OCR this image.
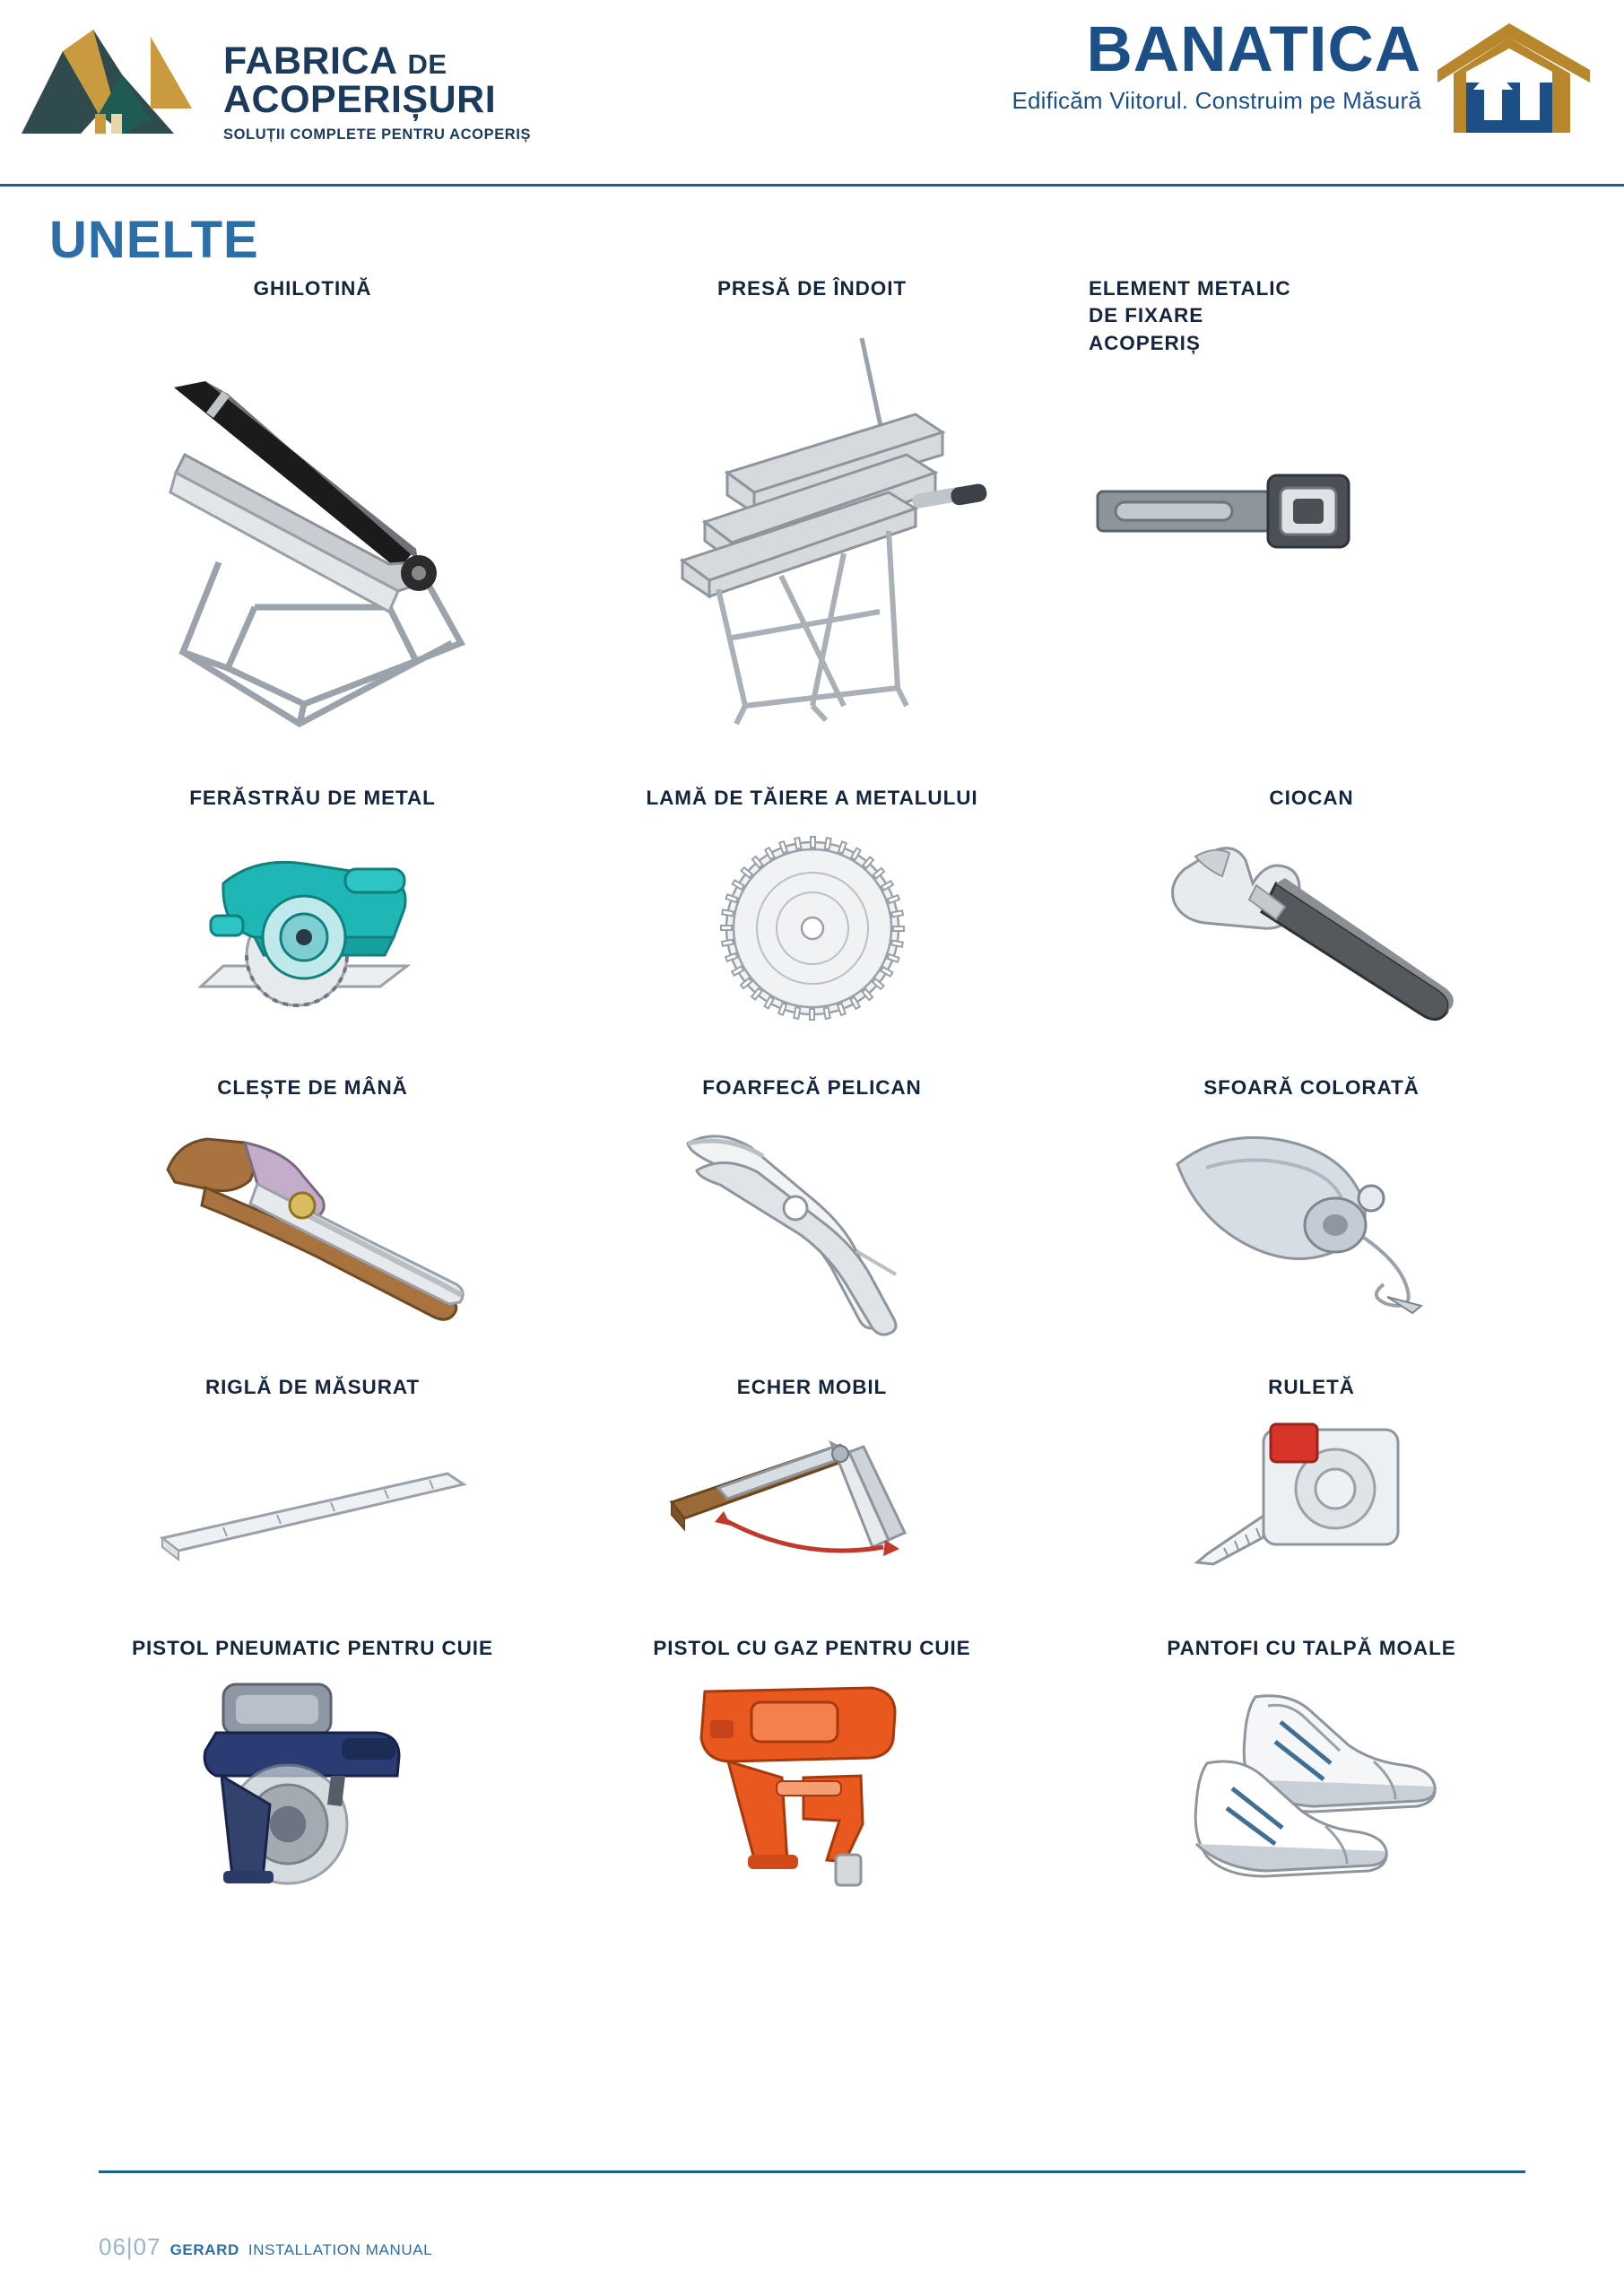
FABRICA DE
ACOPERIȘURI
SOLUȚII COMPLETE PENTRU ACOPERIȘ
BANATICA
Edificăm Viitorul. Construim pe Măsură
UNELTE
GHILOTINĂ	PRESĂ DE ÎNDOIT	ELEMENT METALIC
DE FIXARE
ACOPERIȘ
FERĂSTRĂU DE METAL	LAMĂ DE TĂIERE A METALULUI	CIOCAN
CLEȘTE DE MÂNĂ	FOARFECĂ PELICAN	SFOARĂ COLORATĂ
RIGLĂ DE MĂSURAT	ECHER MOBIL	RULETĂ
PISTOL PNEUMATIC PENTRU CUIE	PISTOL CU GAZ PENTRU CUIE	PANTOFI CU TALPĂ MOALE
06|07 GERARD INSTALLATION MANUAL
